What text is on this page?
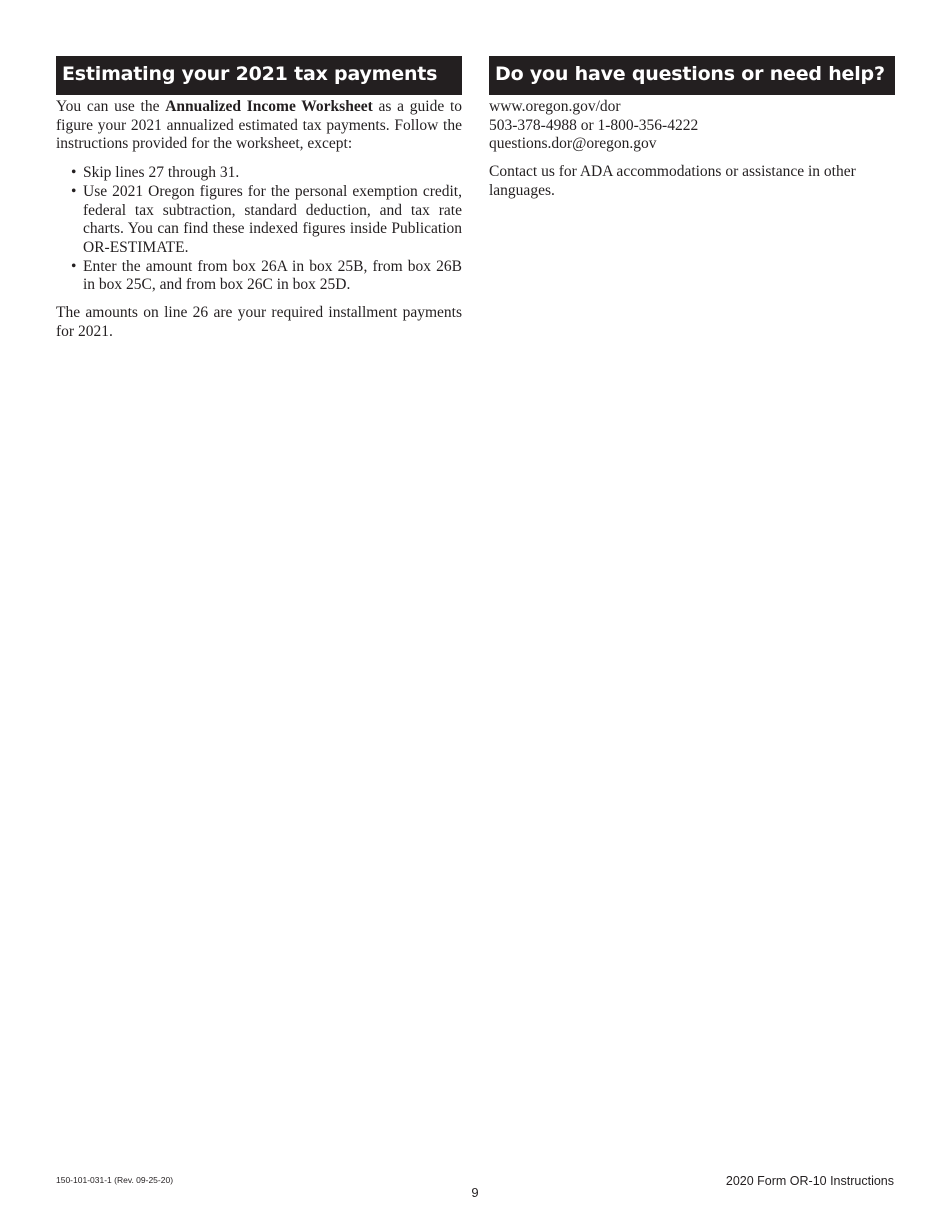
Estimating your 2021 tax payments

You can use the Annualized Income Worksheet as a guide to figure your 2021 annualized estimated tax payments. Follow the instructions provided for the worksheet, except:

• Skip lines 27 through 31.
• Use 2021 Oregon figures for the personal exemption credit, federal tax subtraction, standard deduction, and tax rate charts. You can find these indexed figures inside Publication OR-ESTIMATE.
• Enter the amount from box 26A in box 25B, from box 26B in box 25C, and from box 26C in box 25D.

The amounts on line 26 are your required installment payments for 2021.

Do you have questions or need help?
www.oregon.gov/dor
503-378-4988 or 1-800-356-4222
questions.dor@oregon.gov

Contact us for ADA accommodations or assistance in other languages.

150-101-031-1 (Rev. 09-25-20)
9
2020 Form OR-10 Instructions
